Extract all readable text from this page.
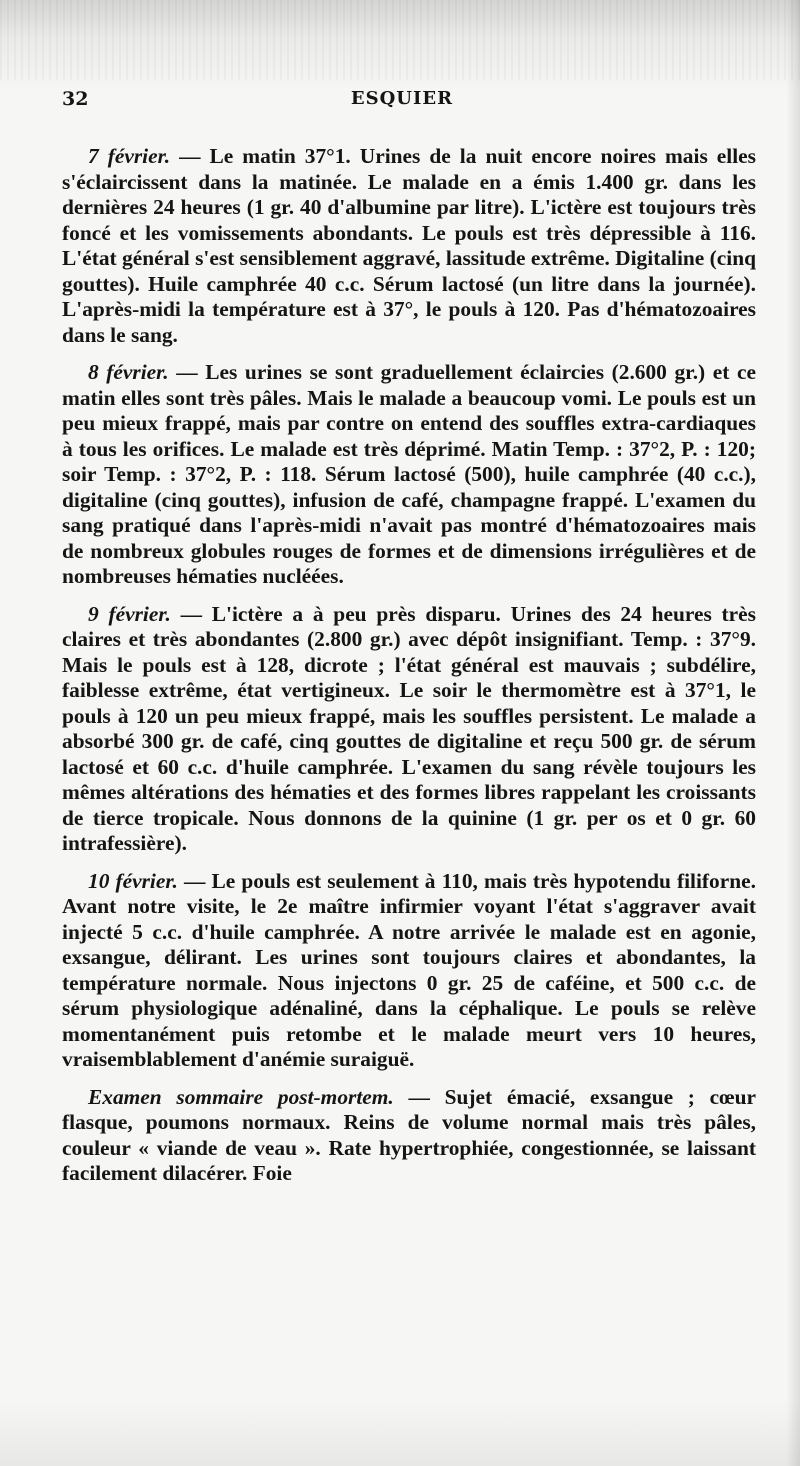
32	ESQUIER

7 février. — Le matin 37°1. Urines de la nuit encore noires mais elles s'éclaircissent dans la matinée. Le malade en a émis 1.400 gr. dans les dernières 24 heures (1 gr. 40 d'albumine par litre). L'ictère est toujours très foncé et les vomissements abondants. Le pouls est très dépressible à 116. L'état général s'est sensiblement aggravé, lassitude extrême. Digitaline (cinq gouttes). Huile camphrée 40 c.c. Sérum lactosé (un litre dans la journée). L'après-midi la température est à 37°, le pouls à 120. Pas d'hématozoaires dans le sang.

8 février. — Les urines se sont graduellement éclaircies (2.600 gr.) et ce matin elles sont très pâles. Mais le malade a beaucoup vomi. Le pouls est un peu mieux frappé, mais par contre on entend des souffles extra-cardiaques à tous les orifices. Le malade est très déprimé. Matin Temp. : 37°2, P. : 120; soir Temp. : 37°2, P. : 118. Sérum lactosé (500), huile camphrée (40 c.c.), digitaline (cinq gouttes), infusion de café, champagne frappé. L'examen du sang pratiqué dans l'après-midi n'avait pas montré d'hématozoaires mais de nombreux globules rouges de formes et de dimensions irrégulières et de nombreuses hématies nucléées.

9 février. — L'ictère a à peu près disparu. Urines des 24 heures très claires et très abondantes (2.800 gr.) avec dépôt insignifiant. Temp. : 37°9. Mais le pouls est à 128, dicrote ; l'état général est mauvais ; subdélire, faiblesse extrême, état vertigineux. Le soir le thermomètre est à 37°1, le pouls à 120 un peu mieux frappé, mais les souffles persistent. Le malade a absorbé 300 gr. de café, cinq gouttes de digitaline et reçu 500 gr. de sérum lactosé et 60 c.c. d'huile camphrée. L'examen du sang révèle toujours les mêmes altérations des hématies et des formes libres rappelant les croissants de tierce tropicale. Nous donnons de la quinine (1 gr. per os et 0 gr. 60 intrafessière).

10 février. — Le pouls est seulement à 110, mais très hypotendu filiforne. Avant notre visite, le 2e maître infirmier voyant l'état s'aggraver avait injecté 5 c.c. d'huile camphrée. A notre arrivée le malade est en agonie, exsangue, délirant. Les urines sont toujours claires et abondantes, la température normale. Nous injectons 0 gr. 25 de caféine, et 500 c.c. de sérum physiologique adénaliné, dans la céphalique. Le pouls se relève momentanément puis retombe et le malade meurt vers 10 heures, vraisemblablement d'anémie suraiguë.

Examen sommaire post-mortem. — Sujet émacié, exsangue ; cœur flasque, poumons normaux. Reins de volume normal mais très pâles, couleur « viande de veau ». Rate hypertrophiée, congestionnée, se laissant facilement dilacérer. Foie
